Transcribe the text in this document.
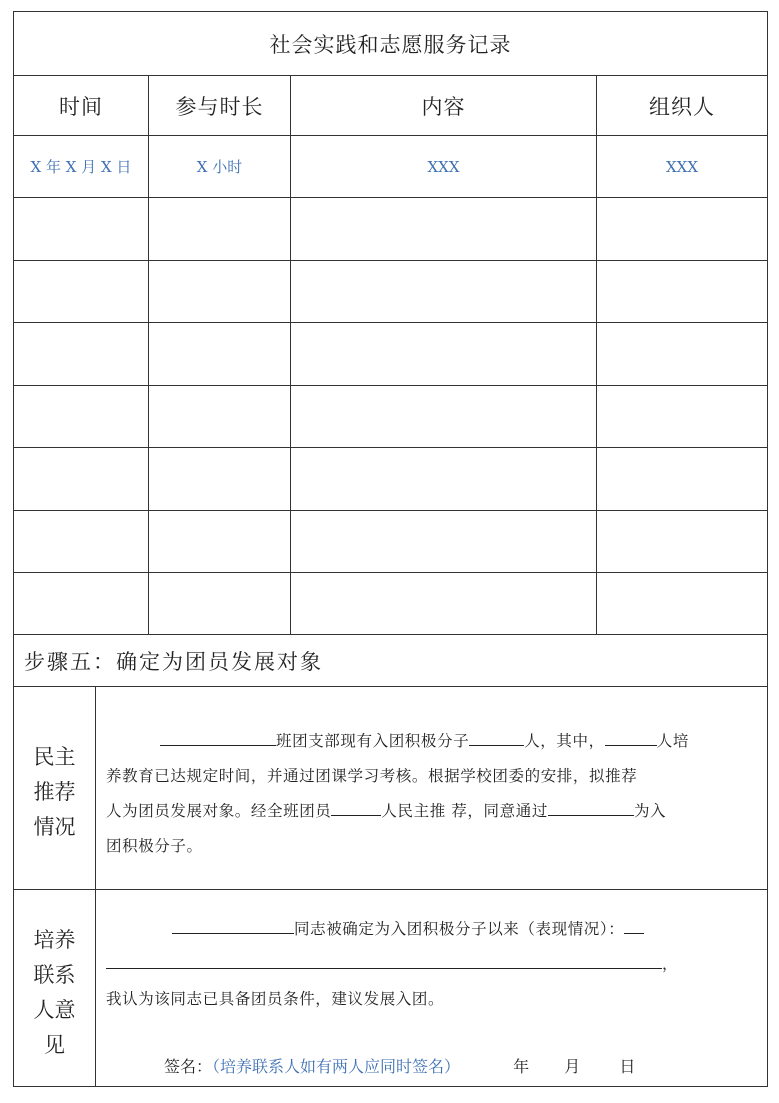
社会实践和志愿服务记录
时间	参与时长	内容	组织人
X 年 X 月 X 日	X 小时	XXX	XXX
步骤五：确定为团员发展对象
民主
推荐
情况
班团支部现有入团积极分子	人，其中，	人培
养教育已达规定时间，并通过团课学习考核。根据学校团委的安排，拟推荐
人为团员发展对象。经全班团员	人民主推 荐，同意通过	为入
团积极分子。
培养
联系
人意
见
同志被确定为入团积极分子以来（表现情况）：
，
我认为该同志已具备团员条件，建议发展入团。
签名：（培养联系人如有两人应同时签名）	年 月 日
